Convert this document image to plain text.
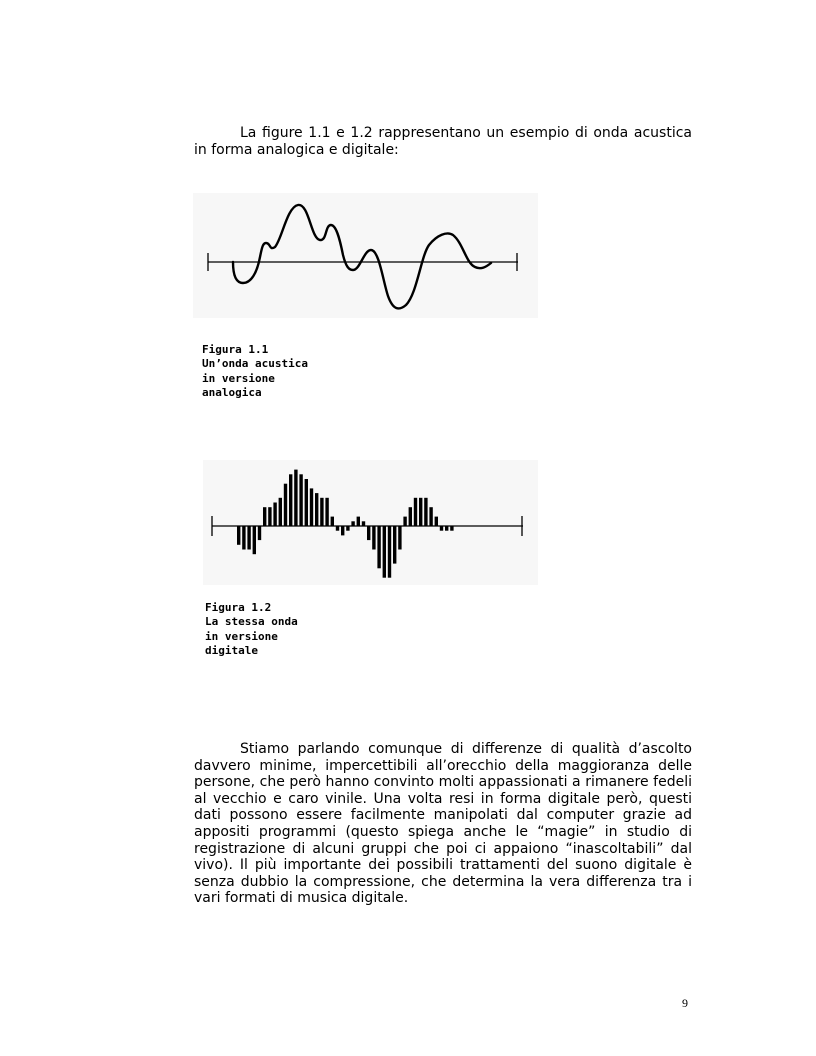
La figure 1.1 e 1.2 rappresentano un esempio di onda acustica in forma analogica e digitale:

Figura 1.1
Un’onda acustica
in versione
analogica

Figura 1.2
La stessa onda
in versione
digitale

Stiamo parlando comunque di differenze di qualità d’ascolto davvero minime, impercettibili all’orecchio della maggioranza delle persone, che però hanno convinto molti appassionati a rimanere fedeli al vecchio e caro vinile. Una volta resi in forma digitale però, questi dati possono essere facilmente manipolati dal computer grazie ad appositi programmi (questo spiega anche le “magie” in studio di registrazione di alcuni gruppi che poi ci appaiono “inascoltabili” dal vivo). Il più importante dei possibili trattamenti del suono digitale è senza dubbio la compressione, che determina la vera differenza tra i vari formati di musica digitale.

9
